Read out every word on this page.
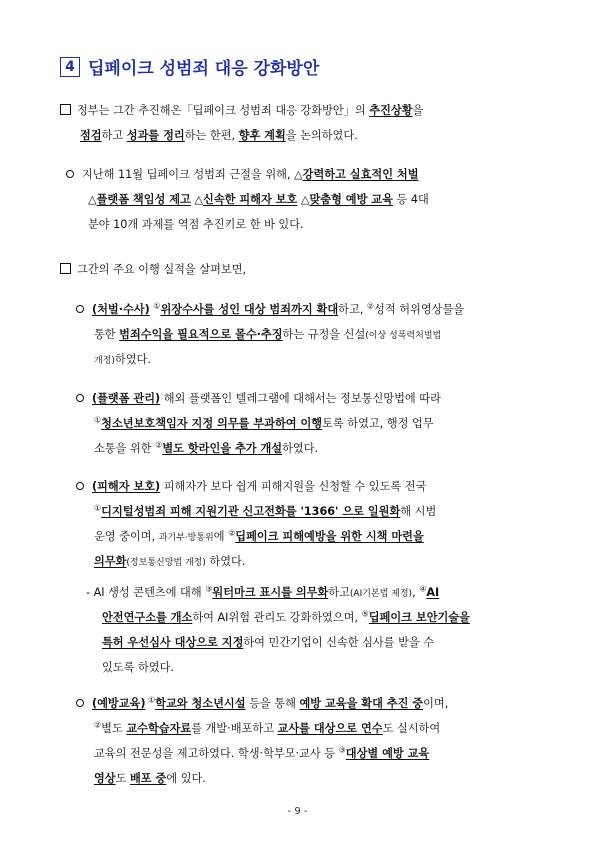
4 딥페이크 성범죄 대응 강화방안
정부는 그간 추진해온「딥페이크 성범죄 대응 강화방안」의 추진상황을
점검하고 성과를 정리하는 한편, 향후 계획을 논의하였다.
지난해 11월 딥페이크 성범죄 근절을 위해, △강력하고 실효적인 처벌
△플랫폼 책임성 제고 △신속한 피해자 보호 △맞춤형 예방 교육 등 4대
분야 10개 과제를 역점 추진키로 한 바 있다.
그간의 주요 이행 실적을 살펴보면,
(처벌·수사) ①위장수사를 성인 대상 범죄까지 확대하고, ②성적 허위영상물을
통한 범죄수익을 필요적으로 몰수·추징하는 규정을 신설(이상 성폭력처벌법
개정)하였다.
(플랫폼 관리) 해외 플랫폼인 텔레그램에 대해서는 정보통신망법에 따라
①청소년보호책임자 지정 의무를 부과하여 이행토록 하였고, 행정 업무
소통을 위한 ②별도 핫라인을 추가 개설하였다.
(피해자 보호) 피해자가 보다 쉽게 피해지원을 신청할 수 있도록 전국
①디지털성범죄 피해 지원기관 신고전화를 '1366' 으로 일원화해 시범
운영 중이며, 과기부·방통위에 ②딥페이크 피해예방을 위한 시책 마련을
의무화(정보통신망법 개정) 하였다.
- AI 생성 콘텐츠에 대해 ③워터마크 표시를 의무화하고(AI기본법 제정), ④AI
안전연구소를 개소하여 AI위험 관리도 강화하였으며, ⑤딥페이크 보안기술을
특허 우선심사 대상으로 지정하여 민간기업이 신속한 심사를 받을 수
있도록 하였다.
(예방교육) ①학교와 청소년시설 등을 통해 예방 교육을 확대 추진 중이며,
②별도 교수학습자료를 개발·배포하고 교사를 대상으로 연수도 실시하여
교육의 전문성을 제고하였다. 학생·학부모·교사 등 ③대상별 예방 교육
영상도 배포 중에 있다.
- 9 -
